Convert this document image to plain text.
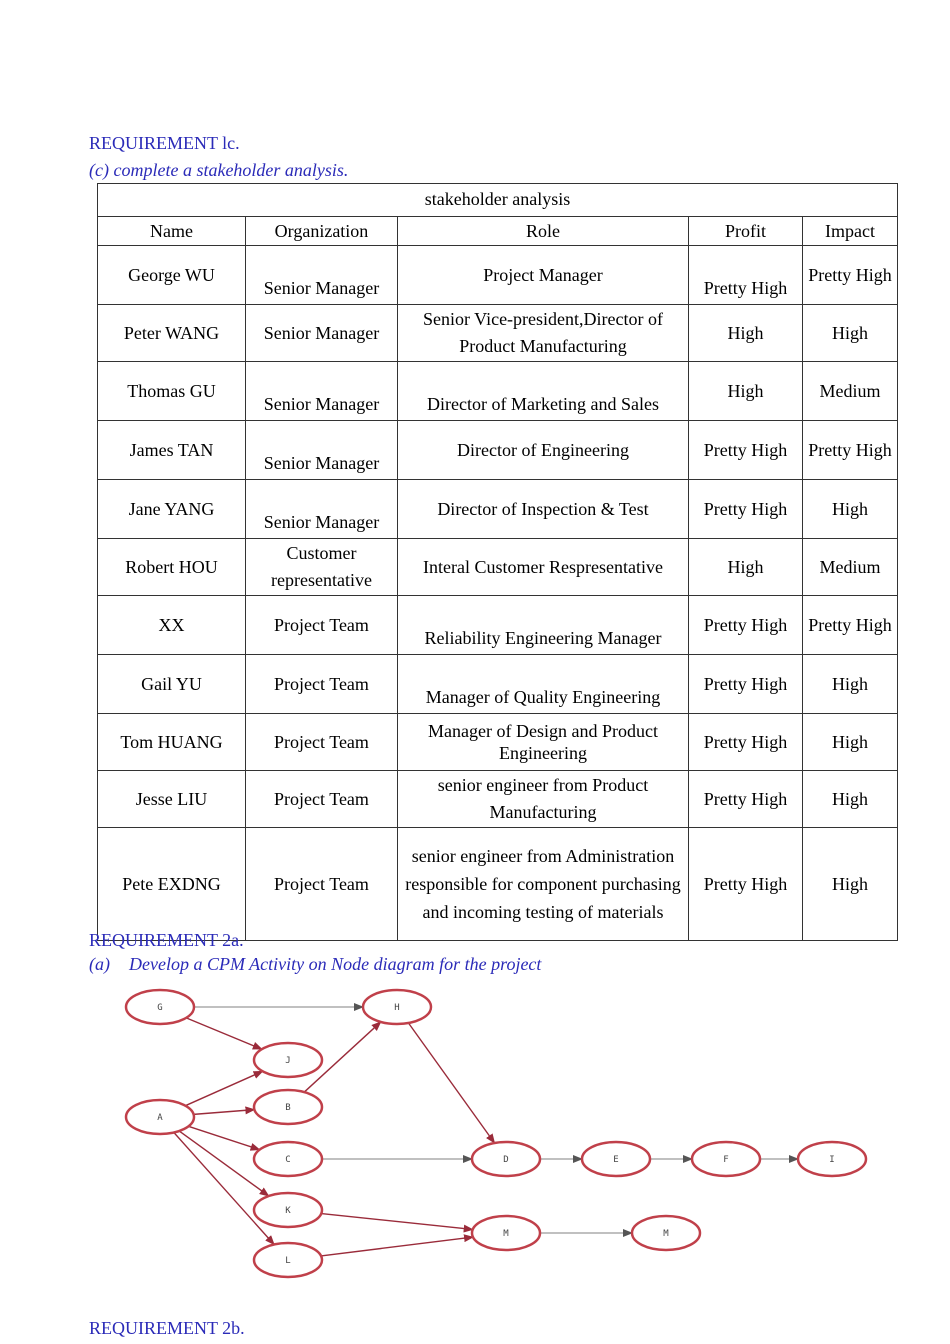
REQUIREMENT lc.
(c) complete a stakeholder analysis.
stakeholder analysis				
Name	Organization	Role	Profit	Impact
George WU	Senior Manager	Project Manager	Pretty High	Pretty High
Peter WANG	Senior Manager	Senior Vice-president,Director of Product Manufacturing	High	High
Thomas GU	Senior Manager	Director of Marketing and Sales	High	Medium
James TAN	Senior Manager	Director of Engineering	Pretty High	Pretty High
Jane YANG	Senior Manager	Director of Inspection & Test	Pretty High	High
Robert HOU	Customer representative	Interal Customer Respresentative	High	Medium
XX	Project Team	Reliability Engineering Manager	Pretty High	Pretty High
Gail YU	Project Team	Manager of Quality Engineering	Pretty High	High
Tom HUANG	Project Team	Manager of Design and Product Engineering	Pretty High	High
Jesse LIU	Project Team	senior engineer from Product Manufacturing	Pretty High	High
Pete EXDNG	Project Team	senior engineer from Administration responsible for component purchasing and incoming testing of materials	Pretty High	High
REQUIREMENT 2a.
(a) Develop a CPM Activity on Node diagram for the project
G	H
J
A
B
C	D	E	F	I
K
L
M	M
REQUIREMENT 2b.
